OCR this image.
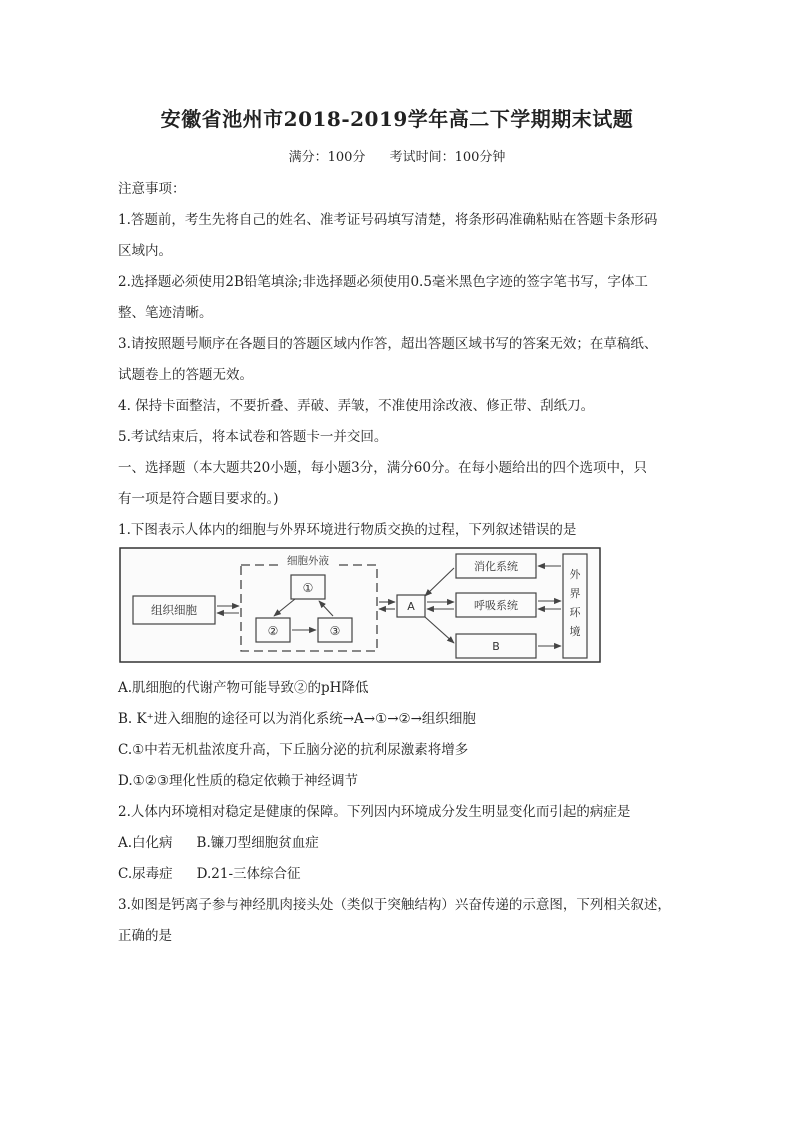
安徽省池州市2018-2019学年高二下学期期末试题
满分：100分 考试时间：100分钟
注意事项：
1.答题前，考生先将自己的姓名、准考证号码填写清楚，将条形码准确粘贴在答题卡条形码
区域内。
2.选择题必须使用2B铅笔填涂;非选择题必须使用0.5毫米黑色字迹的签字笔书写，字体工
整、笔迹清晰。
3.请按照题号顺序在各题目的答题区域内作答，超出答题区域书写的答案无效；在草稿纸、
试题卷上的答题无效。
4. 保持卡面整洁，不要折叠、弄破、弄皱，不准使用涂改液、修正带、刮纸刀。
5.考试结束后，将本试卷和答题卡一并交回。
一、选择题（本大题共20小题，每小题3分，满分60分。在每小题给出的四个选项中，只
有一项是符合题目要求的。)
1.下图表示人体内的细胞与外界环境进行物质交换的过程，下列叙述错误的是
细胞外液
组织细胞
①
②	③
A
消化系统
呼吸系统
B
外
界
环
境
A.肌细胞的代谢产物可能导致②的pH降低
B. K⁺进入细胞的途径可以为消化系统→A→①→②→组织细胞
C.①中若无机盐浓度升高，下丘脑分泌的抗利尿激素将增多
D.①②③理化性质的稳定依赖于神经调节
2.人体内环境相对稳定是健康的保障。下列因内环境成分发生明显变化而引起的病症是
A.白化病 B.镰刀型细胞贫血症
C.尿毒症 D.21-三体综合征
3.如图是钙离子参与神经肌肉接头处（类似于突触结构）兴奋传递的示意图，下列相关叙述，
正确的是
